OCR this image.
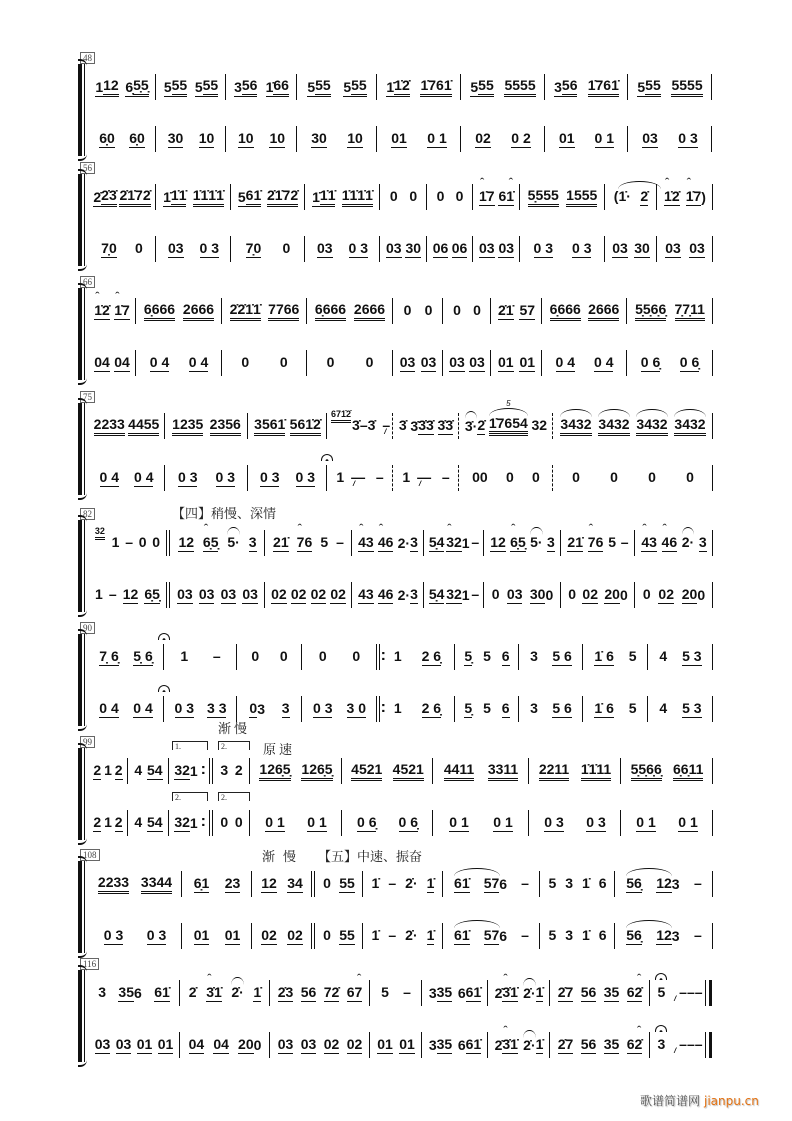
48
1 12 6̣ 5̣5̣ 5 55 5 55 3 56 1̇ 66 5 55 5 55 1̇ 1̇2̇ 1̇761̇ 5 55 5555 3 56 1̇761̇ 5 55 5555
6̣0 6̣0 30 10 10 10 30 10 01 0 1 02 0 2 01 0 1 03 0 3
56
2̇ 2̇3̇ 2̇1̇72̇ 1̇ 1̇1̇ 1̇1̇1̇1̇ 5 61̇ 2̇1̇72̇ 1̇ 1̇1̇ 1̇1̇1̇1̇ 0 0 0 0 ˆ 1̇7 ˆ 61̇ 5̣555 1555 ( 1̇· 2̇ ˆ 1̇2̇ ˆ 1̇7 )
7̣0 0 03 0 3 7̣0 0 03 0 3 03 30 06 06 03 03 0 3 0 3 03 30 03 03
66
ˆ 1̇2̇ ˆ 1̇7 6̣666 2666 2̇2̇1̇1̇ 7766 6̣666 2666 0 0 0 0 2̇1̇ 57 6̣666 2666 5̣5̣6̣6̣ 7̣7̣11
04 04 0 4 0 4 0 0	0 0 03 03 03 03 01 01 0 4 0 4 0 6̣ 0 6̣
75
2233 4455 1235 2356 3561̇ 561̇2̇
671̇2̇
3̇ – 3̇ /// – 3̇ 3̇ 3̇3̇ 3̇3̇ 3̇· 2̇ 1̇7654
5
32 3432 3432 3432 3432
0 4 0 4 0 3 0 3 0 3 0 3 1 /// — – 1 /// — – 00 0 0 0 0 0 0
82
32
1 – 0 0 12 ˆ 6̣5̣ 5· 3 21̇ ˆ 76 5 – ˆ 43 ˆ 46 2· 3 5̣4 ˆ 32 1 – 12 ˆ 6̣5̣ 5· 3 21̇ ˆ 76 5 – ˆ 43 ˆ 46 2· 3
1 – 12 6̣5̣ 03 03 03 03 02 02 02 02 43 46 2· 3 5̣4 32 1 – 0 03 30 0 0 02 20 0 0 02 20 0
90
7̣ 6̣ 5̣ 6̣ 1 – 0 0 : 0 0 1 2 6̣ 5̣ 5 6 3 5 6 1̇ 6 5 4 5 3
0 4 0 4 0 3 3 3 0 3 3 : 0 3 3 0 1 2 6̣ 5̣ 5 6 3 5 6 1̇ 6 5 4 5 3
99
2 1 2 4 54 : 32 1 3 2 126̣5̣ 126̣5̣ 4521 4521 4411 3311 2211 1̇1̇11 5̣5̣6̣6̣ 6̣6̣11
2 1 2 4 54 : 32 1 0 0 0 1 0 1 0 6̣ 0 6̣ 0 1 0 1 0 3 0 3 0 1 0 1
108
2233 3344 6̣1 23 12 34 0 55 1̇ – 2̇· 1̇ 61̇ 57 6 – 5 3 1̇ 6 56̣ 12 3 –
0 3 0 3 01 01 02 02 0 55 1̇ – 2̇· 1̇ 61̇ 57 6 – 5 3 1̇ 6 56̣ 12 3 –
116
3 35 6 61̇ 2̇ ˆ 3̇1̇ 2̇· 1̇ 2̇3 56 72̇ ˆ 67 5 – 3 35 6 61̇ 2̇ ˆ 3̇1̇ 2̇· 1̇ 2̇7 56 35 ˆ 62̇ 5 /// –––
03 03 01 01 04 04 20 0 03 03 02 02 01 01 3 35 6 61̇ 2̇ ˆ 3̇1̇ 2̇· 1̇ 2̇7 56 35 ˆ 62̇ 3 /// –––
【四】稍慢、深情
渐慢
原速
1.	2.
2.	2.
渐慢 【五】中速、振奋
歌谱简谱网 jianpu.cn
